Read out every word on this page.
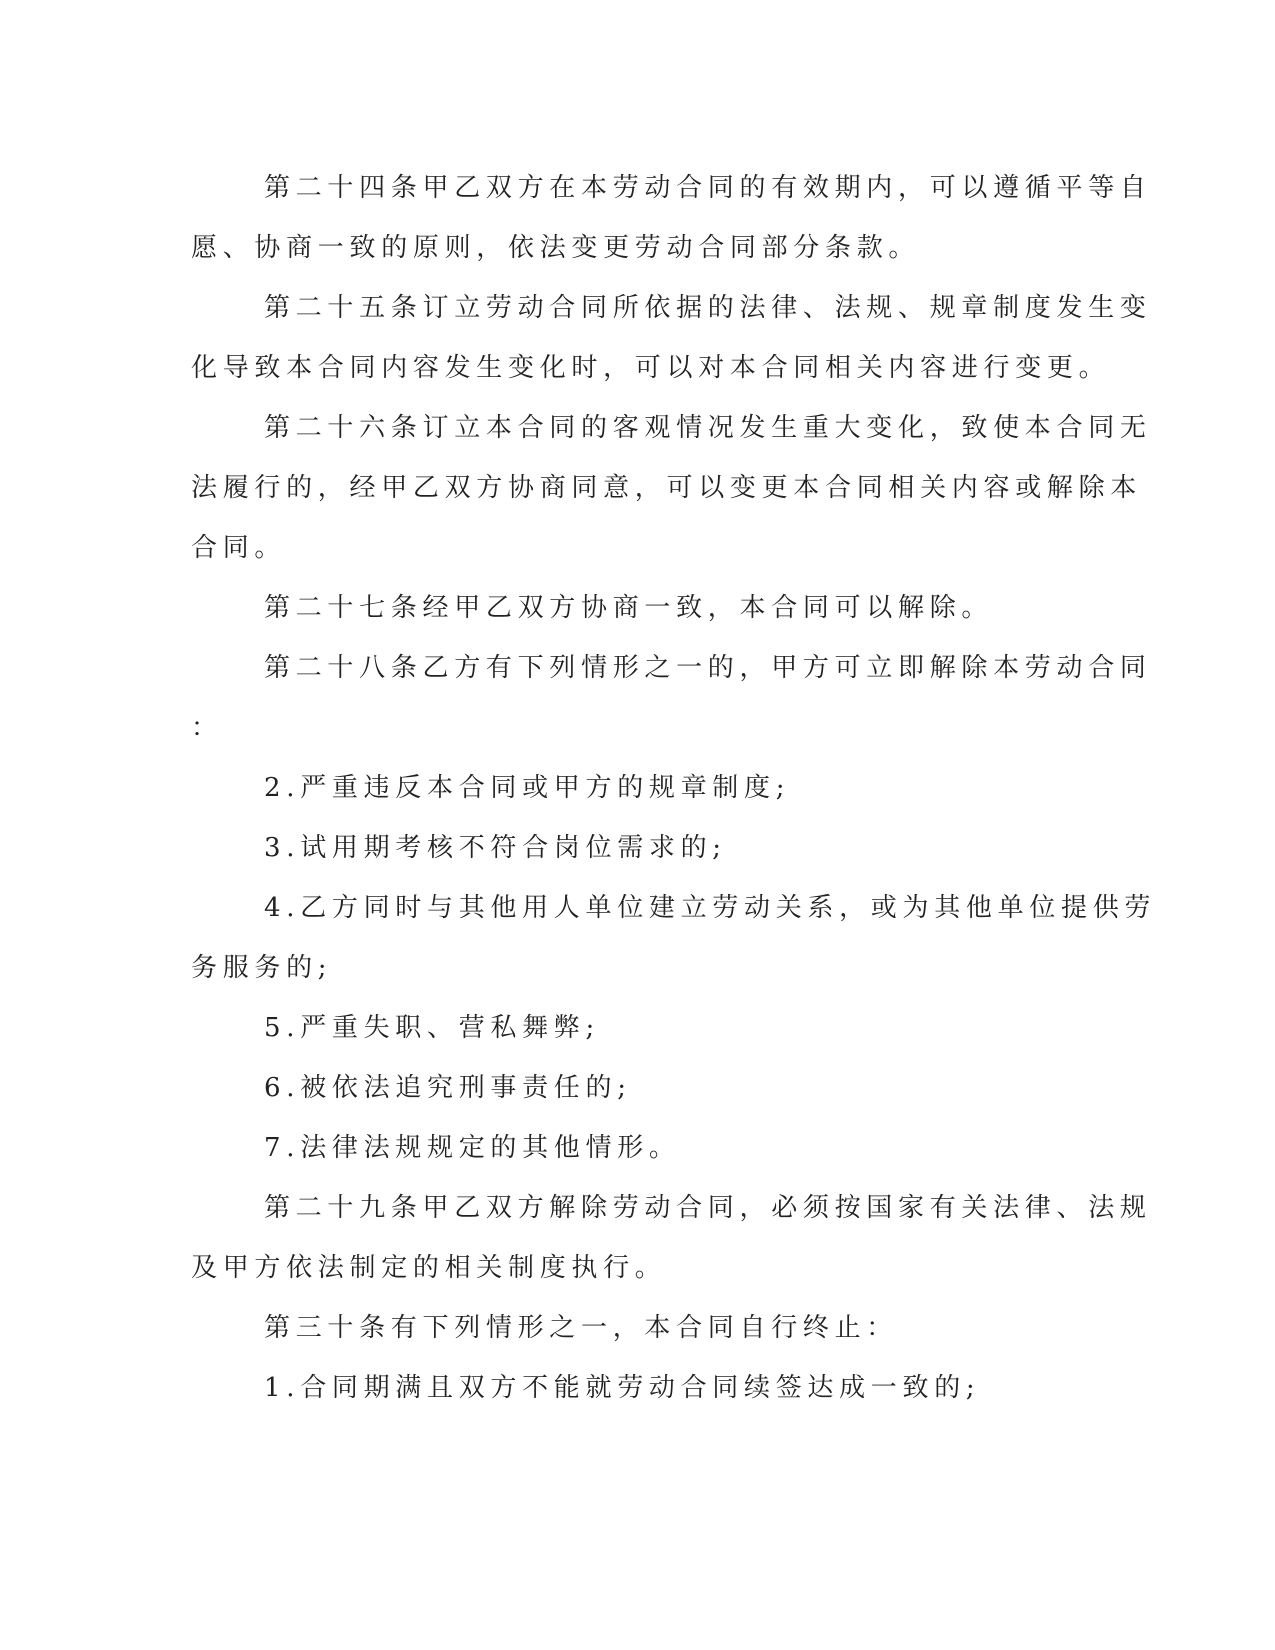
第二十四条甲乙双方在本劳动合同的有效期内，可以遵循平等自
愿、协商一致的原则，依法变更劳动合同部分条款。

第二十五条订立劳动合同所依据的法律、法规、规章制度发生变
化导致本合同内容发生变化时，可以对本合同相关内容进行变更。

第二十六条订立本合同的客观情况发生重大变化，致使本合同无
法履行的，经甲乙双方协商同意，可以变更本合同相关内容或解除本
合同。

第二十七条经甲乙双方协商一致，本合同可以解除。

第二十八条乙方有下列情形之一的，甲方可立即解除本劳动合同
：

2.严重违反本合同或甲方的规章制度;

3.试用期考核不符合岗位需求的;

4.乙方同时与其他用人单位建立劳动关系，或为其他单位提供劳
务服务的;

5.严重失职、营私舞弊;

6.被依法追究刑事责任的;

7.法律法规规定的其他情形。

第二十九条甲乙双方解除劳动合同，必须按国家有关法律、法规
及甲方依法制定的相关制度执行。

第三十条有下列情形之一，本合同自行终止：

1.合同期满且双方不能就劳动合同续签达成一致的;
